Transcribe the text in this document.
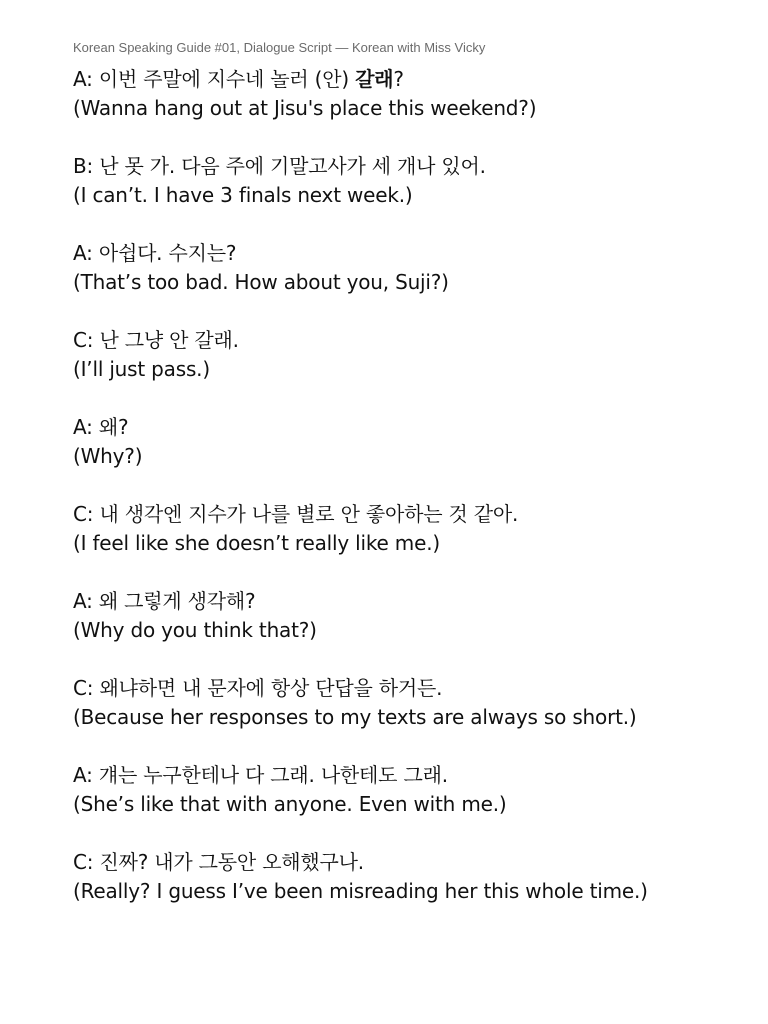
Korean Speaking Guide #01, Dialogue Script — Korean with Miss Vicky
A: 이번 주말에 지수네 놀러 (안) 갈래?
(Wanna hang out at Jisu's place this weekend?)
B: 난 못 가. 다음 주에 기말고사가 세 개나 있어.
(I can’t. I have 3 finals next week.)
A: 아쉽다. 수지는?
(That’s too bad. How about you, Suji?)
C: 난 그냥 안 갈래.
(I’ll just pass.)
A: 왜?
(Why?)
C: 내 생각엔 지수가 나를 별로 안 좋아하는 것 같아.
(I feel like she doesn’t really like me.)
A: 왜 그렇게 생각해?
(Why do you think that?)
C: 왜냐하면 내 문자에 항상 단답을 하거든.
(Because her responses to my texts are always so short.)
A: 걔는 누구한테나 다 그래. 나한테도 그래.
(She’s like that with anyone. Even with me.)
C: 진짜? 내가 그동안 오해했구나.
(Really? I guess I’ve been misreading her this whole time.)
